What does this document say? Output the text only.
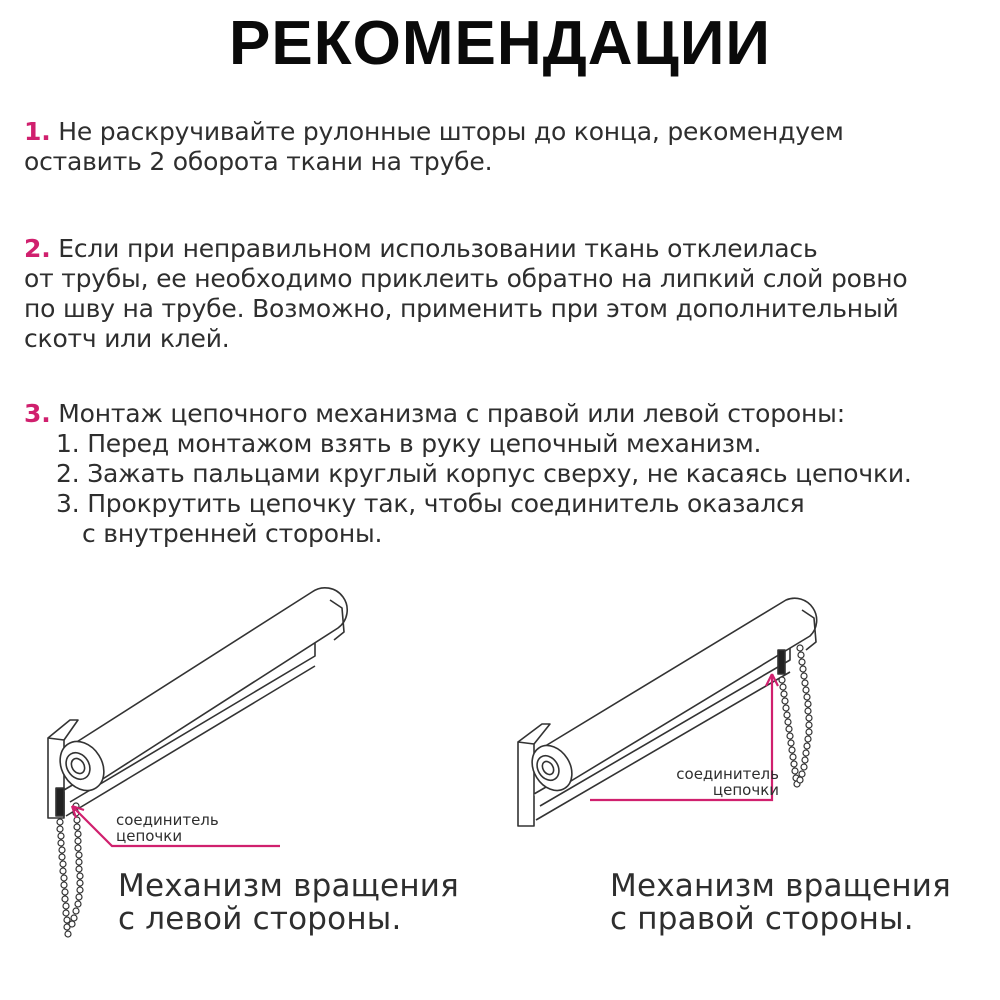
РЕКОМЕНДАЦИИ
1. Не раскручивайте рулонные шторы до конца, рекомендуем
оставить 2 оборота ткани на трубе.
2. Если при неправильном использовании ткань отклеилась
от трубы, ее необходимо приклеить обратно на липкий слой ровно
по шву на трубе. Возможно, применить при этом дополнительный
скотч или клей.
3. Монтаж цепочного механизма с правой или левой стороны:
1. Перед монтажом взять в руку цепочный механизм.
2. Зажать пальцами круглый корпус сверху, не касаясь цепочки.
3. Прокрутить цепочку так, чтобы соединитель оказался
с внутренней стороны.
соединитель
цепочки
Механизм вращения
с левой стороны.
соединитель
цепочки
Механизм вращения
с правой стороны.
